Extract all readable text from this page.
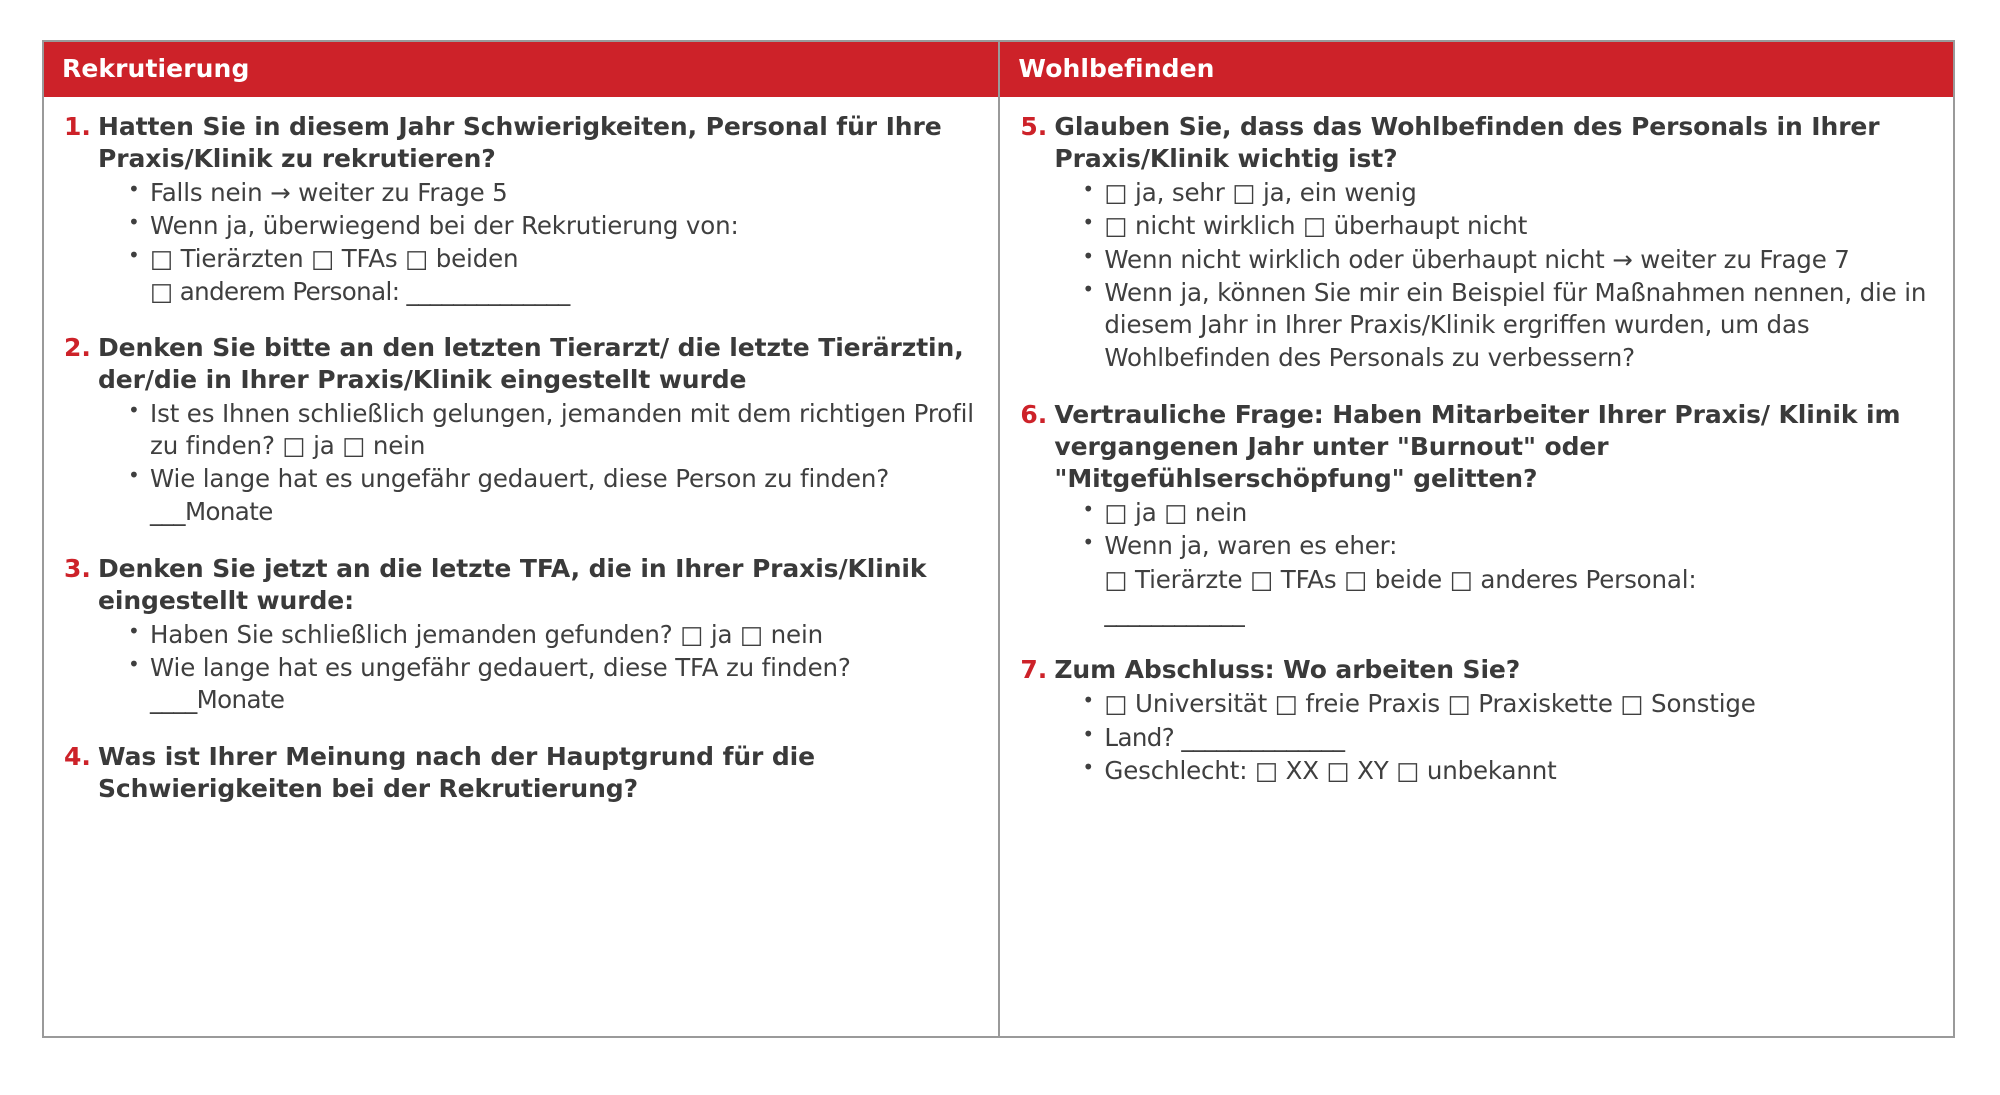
Rekrutierung
1. Hatten Sie in diesem Jahr Schwierigkeiten, Personal für Ihre Praxis/Klinik zu rekrutieren?

• Falls nein → weiter zu Frage 5
• Wenn ja, überwiegend bei der Rekrutierung von:
• □ Tierärzten □ TFAs □ beiden
□ anderem Personal: ______________
2. Denken Sie bitte an den letzten Tierarzt/ die letzte Tierärztin, der/die in Ihrer Praxis/Klinik eingestellt wurde

• Ist es Ihnen schließlich gelungen, jemanden mit dem richtigen Profil zu finden? □ ja □ nein
• Wie lange hat es ungefähr gedauert, diese Person zu finden?
___Monate
3. Denken Sie jetzt an die letzte TFA, die in Ihrer Praxis/Klinik eingestellt wurde:

• Haben Sie schließlich jemanden gefunden? □ ja □ nein
• Wie lange hat es ungefähr gedauert, diese TFA zu finden?
____Monate
4. Was ist Ihrer Meinung nach der Hauptgrund für die Schwierigkeiten bei der Rekrutierung?

Wohlbefinden
5. Glauben Sie, dass das Wohlbefinden des Personals in Ihrer Praxis/Klinik wichtig ist?

• □ ja, sehr □ ja, ein wenig
• □ nicht wirklich □ überhaupt nicht
• Wenn nicht wirklich oder überhaupt nicht → weiter zu Frage 7
• Wenn ja, können Sie mir ein Beispiel für Maßnahmen nennen, die in diesem Jahr in Ihrer Praxis/Klinik ergriffen wurden, um das Wohlbefinden des Personals zu verbessern?
6. Vertrauliche Frage: Haben Mitarbeiter Ihrer Praxis/ Klinik im vergangenen Jahr unter "Burnout" oder "Mitgefühlserschöpfung" gelitten?

• □ ja □ nein
• Wenn ja, waren es eher:
□ Tierärzte □ TFAs □ beide □ anderes Personal:
____________
7. Zum Abschluss: Wo arbeiten Sie?

• □ Universität □ freie Praxis □ Praxiskette □ Sonstige
• Land? ______________
• Geschlecht: □ XX □ XY □ unbekannt
